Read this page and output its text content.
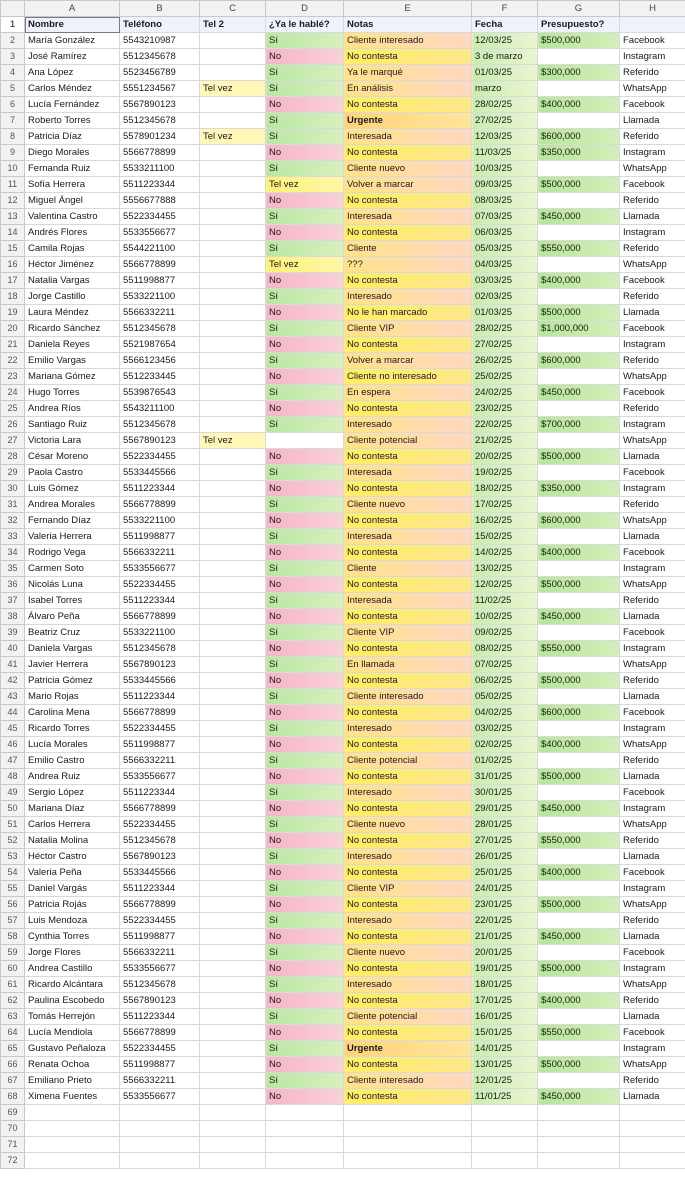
	A	B	C	D	E	F	G	H
1	Nombre	Teléfono	Tel 2	¿Ya le hablé?	Notas	Fecha	Presupuesto?	
2	María González	5543210987		Sí	Cliente interesado	12/03/25	$500,000	Facebook
3	José Ramírez	5512345678		No	No contesta	3 de marzo		Instagram
4	Ana López	5523456789		Sí	Ya le marqué	01/03/25	$300,000	Referido
5	Carlos Méndez	5551234567	Tel vez	Sí	En análisis	marzo		WhatsApp
6	Lucía Fernández	5567890123		No	No contesta	28/02/25	$400,000	Facebook
7	Roberto Torres	5512345678		Sí	Urgente	27/02/25		Llamada
8	Patricia Díaz	5578901234	Tel vez	Sí	Interesada	12/03/25	$600,000	Referido
9	Diego Morales	5566778899		No	No contesta	11/03/25	$350,000	Instagram
10	Fernanda Ruiz	5533211100		Sí	Cliente nuevo	10/03/25		WhatsApp
11	Sofía Herrera	5511223344		Tel vez	Volver a marcar	09/03/25	$500,000	Facebook
12	Miguel Ángel	5556677888		No	No contesta	08/03/25		Referido
13	Valentina Castro	5522334455		Sí	Interesada	07/03/25	$450,000	Llamada
14	Andrés Flores	5533556677		No	No contesta	06/03/25		Instagram
15	Camila Rojas	5544221100		Sí	Cliente	05/03/25	$550,000	Referido
16	Héctor Jiménez	5566778899		Tel vez	???	04/03/25		WhatsApp
17	Natalia Vargas	5511998877		No	No contesta	03/03/25	$400,000	Facebook
18	Jorge Castillo	5533221100		Sí	Interesado	02/03/25		Referido
19	Laura Méndez	5566332211		No	No le han marcado	01/03/25	$500,000	Llamada
20	Ricardo Sánchez	5512345678		Sí	Cliente VIP	28/02/25	$1,000,000	Facebook
21	Daniela Reyes	5521987654		No	No contesta	27/02/25		Instagram
22	Emilio Vargas	5566123456		Sí	Volver a marcar	26/02/25	$600,000	Referido
23	Mariana Gómez	5512233445		No	Cliente no interesado	25/02/25		WhatsApp
24	Hugo Torres	5539876543		Sí	En espera	24/02/25	$450,000	Facebook
25	Andrea Ríos	5543211100		No	No contesta	23/02/25		Referido
26	Santiago Ruiz	5512345678		Sí	Interesado	22/02/25	$700,000	Instagram
27	Victoria Lara	5567890123	Tel vez		Cliente potencial	21/02/25		WhatsApp
28	César Moreno	5522334455		No	No contesta	20/02/25	$500,000	Llamada
29	Paola Castro	5533445566		Sí	Interesada	19/02/25		Facebook
30	Luis Gómez	5511223344		No	No contesta	18/02/25	$350,000	Instagram
31	Andrea Morales	5566778899		Sí	Cliente nuevo	17/02/25		Referido
32	Fernando Díaz	5533221100		No	No contesta	16/02/25	$600,000	WhatsApp
33	Valeria Herrera	5511998877		Sí	Interesada	15/02/25		Llamada
34	Rodrigo Vega	5566332211		No	No contesta	14/02/25	$400,000	Facebook
35	Carmen Soto	5533556677		Sí	Cliente	13/02/25		Instagram
36	Nicolás Luna	5522334455		No	No contesta	12/02/25	$500,000	WhatsApp
37	Isabel Torres	5511223344		Sí	Interesada	11/02/25		Referido
38	Álvaro Peña	5566778899		No	No contesta	10/02/25	$450,000	Llamada
39	Beatriz Cruz	5533221100		Sí	Cliente VIP	09/02/25		Facebook
40	Daniela Vargas	5512345678		No	No contesta	08/02/25	$550,000	Instagram
41	Javier Herrera	5567890123		Sí	En llamada	07/02/25		WhatsApp
42	Patricia Gómez	5533445566		No	No contesta	06/02/25	$500,000	Referido
43	Mario Rojas	5511223344		Sí	Cliente interesado	05/02/25		Llamada
44	Carolina Mena	5566778899		No	No contesta	04/02/25	$600,000	Facebook
45	Ricardo Torres	5522334455		Sí	Interesado	03/02/25		Instagram
46	Lucía Morales	5511998877		No	No contesta	02/02/25	$400,000	WhatsApp
47	Emilio Castro	5566332211		Sí	Cliente potencial	01/02/25		Referido
48	Andrea Ruiz	5533556677		No	No contesta	31/01/25	$500,000	Llamada
49	Sergio López	5511223344		Sí	Interesado	30/01/25		Facebook
50	Mariana Díaz	5566778899		No	No contesta	29/01/25	$450,000	Instagram
51	Carlos Herrera	5522334455		Sí	Cliente nuevo	28/01/25		WhatsApp
52	Natalia Molina	5512345678		No	No contesta	27/01/25	$550,000	Referido
53	Héctor Castro	5567890123		Sí	Interesado	26/01/25		Llamada
54	Valeria Peña	5533445566		No	No contesta	25/01/25	$400,000	Facebook
55	Daniel Vargás	5511223344		Sí	Cliente VIP	24/01/25		Instagram
56	Patricia Rojás	5566778899		No	No contesta	23/01/25	$500,000	WhatsApp
57	Luis Mendoza	5522334455		Sí	Interesado	22/01/25		Referido
58	Cynthia Torres	5511998877		No	No contesta	21/01/25	$450,000	Llamada
59	Jorge Flores	5566332211		Sí	Cliente nuevo	20/01/25		Facebook
60	Andrea Castillo	5533556677		No	No contesta	19/01/25	$500,000	Instagram
61	Ricardo Alcántara	5512345678		Sí	Interesado	18/01/25		WhatsApp
62	Paulina Escobedo	5567890123		No	No contesta	17/01/25	$400,000	Referido
63	Tomás Herrejón	5511223344		Sí	Cliente potencial	16/01/25		Llamada
64	Lucía Mendiola	5566778899		No	No contesta	15/01/25	$550,000	Facebook
65	Gustavo Peñaloza	5522334455		Sí	Urgente	14/01/25		Instagram
66	Renata Ochoa	5511998877		No	No contesta	13/01/25	$500,000	WhatsApp
67	Emiliano Prieto	5566332211		Sí	Cliente interesado	12/01/25		Referido
68	Ximena Fuentes	5533556677		No	No contesta	11/01/25	$450,000	Llamada
69								
70								
71								
72								
